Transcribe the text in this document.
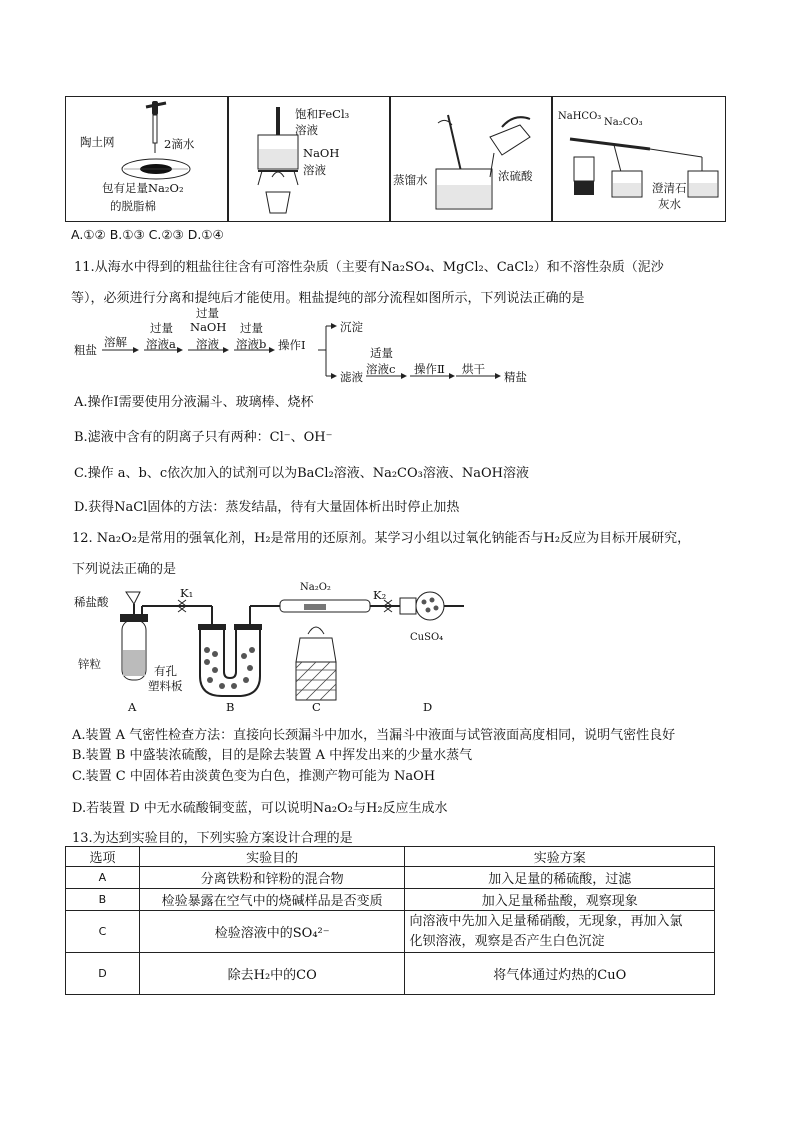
陶土网	2滴水
包有足量Na₂O₂
的脱脂棉
饱和FeCl₃
溶液
NaOH
溶液
蒸馏水	浓硫酸
NaHCO₃
Na₂CO₃
澄清石
灰水
A.①② B.①③ C.②③ D.①④
11.从海水中得到的粗盐往往含有可溶性杂质（主要有Na₂SO₄、MgCl₂、CaCl₂）和不溶性杂质（泥沙
等），必须进行分离和提纯后才能使用。粗盐提纯的部分流程如图所示，下列说法正确的是
粗盐
溶解
过量
溶液a
过量
NaOH
溶液
过量
溶液b 操作Ⅰ
沉淀
滤液
适量
溶液c 操作Ⅱ 烘干
精盐
A.操作Ⅰ需要使用分液漏斗、玻璃棒、烧杯
B.滤液中含有的阴离子只有两种：Cl⁻、OH⁻
C.操作 a、b、c依次加入的试剂可以为BaCl₂溶液、Na₂CO₃溶液、NaOH溶液
D.获得NaCl固体的方法：蒸发结晶，待有大量固体析出时停止加热
12. Na₂O₂是常用的强氧化剂，H₂是常用的还原剂。某学习小组以过氧化钠能否与H₂反应为目标开展研究，
下列说法正确的是
稀盐酸
K₁
锌粒	有孔
塑料板
Na₂O₂
K₂
CuSO₄
A	B	C	D
A.装置 A 气密性检查方法：直接向长颈漏斗中加水，当漏斗中液面与试管液面高度相同，说明气密性良好
B.装置 B 中盛装浓硫酸，目的是除去装置 A 中挥发出来的少量水蒸气
C.装置 C 中固体若由淡黄色变为白色，推测产物可能为 NaOH
D.若装置 D 中无水硫酸铜变蓝，可以说明Na₂O₂与H₂反应生成水
13.为达到实验目的，下列实验方案设计合理的是
选项	实验目的	实验方案
A	分离铁粉和锌粉的混合物	加入足量的稀硫酸，过滤
B	检验暴露在空气中的烧碱样品是否变质	加入足量稀盐酸，观察现象
C	检验溶液中的SO₄²⁻	向溶液中先加入足量稀硝酸，无现象，再加入氯
化钡溶液，观察是否产生白色沉淀

D	除去H₂中的CO	将气体通过灼热的CuO
